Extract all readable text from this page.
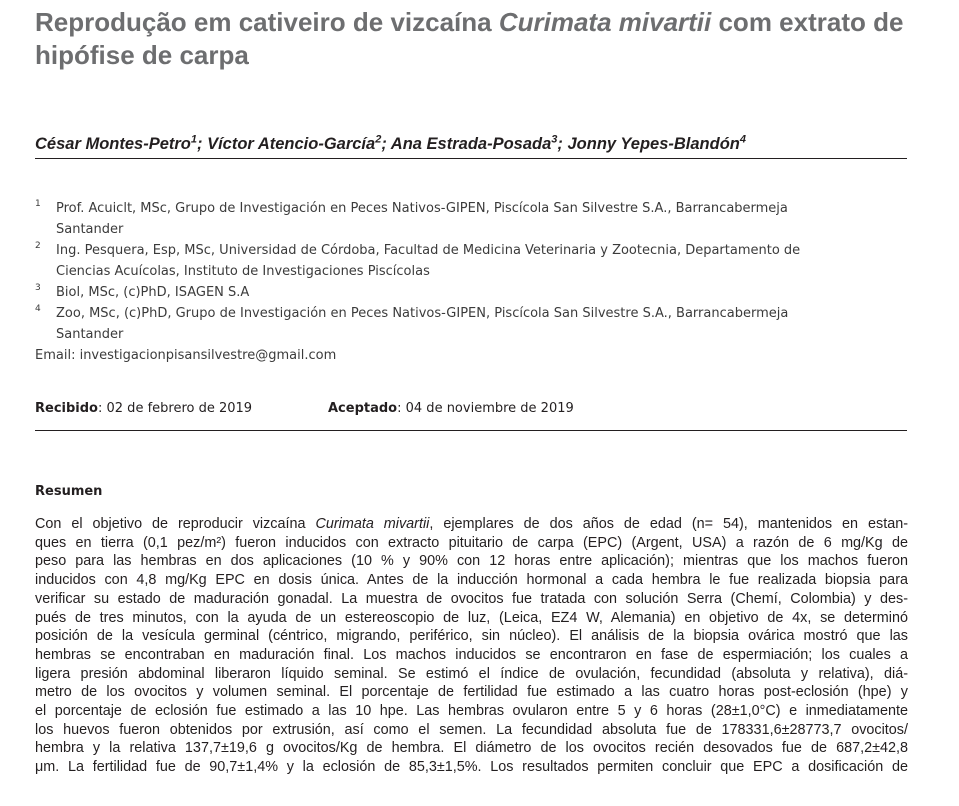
Reprodução em cativeiro de vizcaína Curimata mivartii com extrato de hipófise de carpa

César Montes-Petro$^1$; Víctor Atencio-García$^2$; Ana Estrada-Posada$^3$; Jonny Yepes-Blandón$^4$

1 Prof. Acuiclt, MSc, Grupo de Investigación en Peces Nativos-GIPEN, Piscícola San Silvestre S.A., Barrancabermeja
Santander
2 Ing. Pesquera, Esp, MSc, Universidad de Córdoba, Facultad de Medicina Veterinaria y Zootecnia, Departamento de
Ciencias Acuícolas, Instituto de Investigaciones Piscícolas
3 Biol, MSc, (c)PhD, ISAGEN S.A
4 Zoo, MSc, (c)PhD, Grupo de Investigación en Peces Nativos-GIPEN, Piscícola San Silvestre S.A., Barrancabermeja
Santander
Email: investigacionpisansilvestre@gmail.com
Recibido: 02 de febrero de 2019	Aceptado: 04 de noviembre de 2019
Resumen
Con el objetivo de reproducir vizcaína Curimata mivartii, ejemplares de dos años de edad (n= 54), mantenidos en estan-
ques en tierra (0,1 pez/m²) fueron inducidos con extracto pituitario de carpa (EPC) (Argent, USA) a razón de 6 mg/Kg de
peso para las hembras en dos aplicaciones (10 % y 90% con 12 horas entre aplicación); mientras que los machos fueron
inducidos con 4,8 mg/Kg EPC en dosis única. Antes de la inducción hormonal a cada hembra le fue realizada biopsia para
verificar su estado de maduración gonadal. La muestra de ovocitos fue tratada con solución Serra (Chemí, Colombia) y des-
pués de tres minutos, con la ayuda de un estereoscopio de luz, (Leica, EZ4 W, Alemania) en objetivo de 4x, se determinó
posición de la vesícula germinal (céntrico, migrando, periférico, sin núcleo). El análisis de la biopsia ovárica mostró que las
hembras se encontraban en maduración final. Los machos inducidos se encontraron en fase de espermiación; los cuales a
ligera presión abdominal liberaron líquido seminal. Se estimó el índice de ovulación, fecundidad (absoluta y relativa), diá-
metro de los ovocitos y volumen seminal. El porcentaje de fertilidad fue estimado a las cuatro horas post-eclosión (hpe) y
el porcentaje de eclosión fue estimado a las 10 hpe. Las hembras ovularon entre 5 y 6 horas (28±1,0°C) e inmediatamente
los huevos fueron obtenidos por extrusión, así como el semen. La fecundidad absoluta fue de 178331,6±28773,7 ovocitos/
hembra y la relativa 137,7±19,6 g ovocitos/Kg de hembra. El diámetro de los ovocitos recién desovados fue de 687,2±42,8
μm. La fertilidad fue de 90,7±1,4% y la eclosión de 85,3±1,5%. Los resultados permiten concluir que EPC a dosificación de
